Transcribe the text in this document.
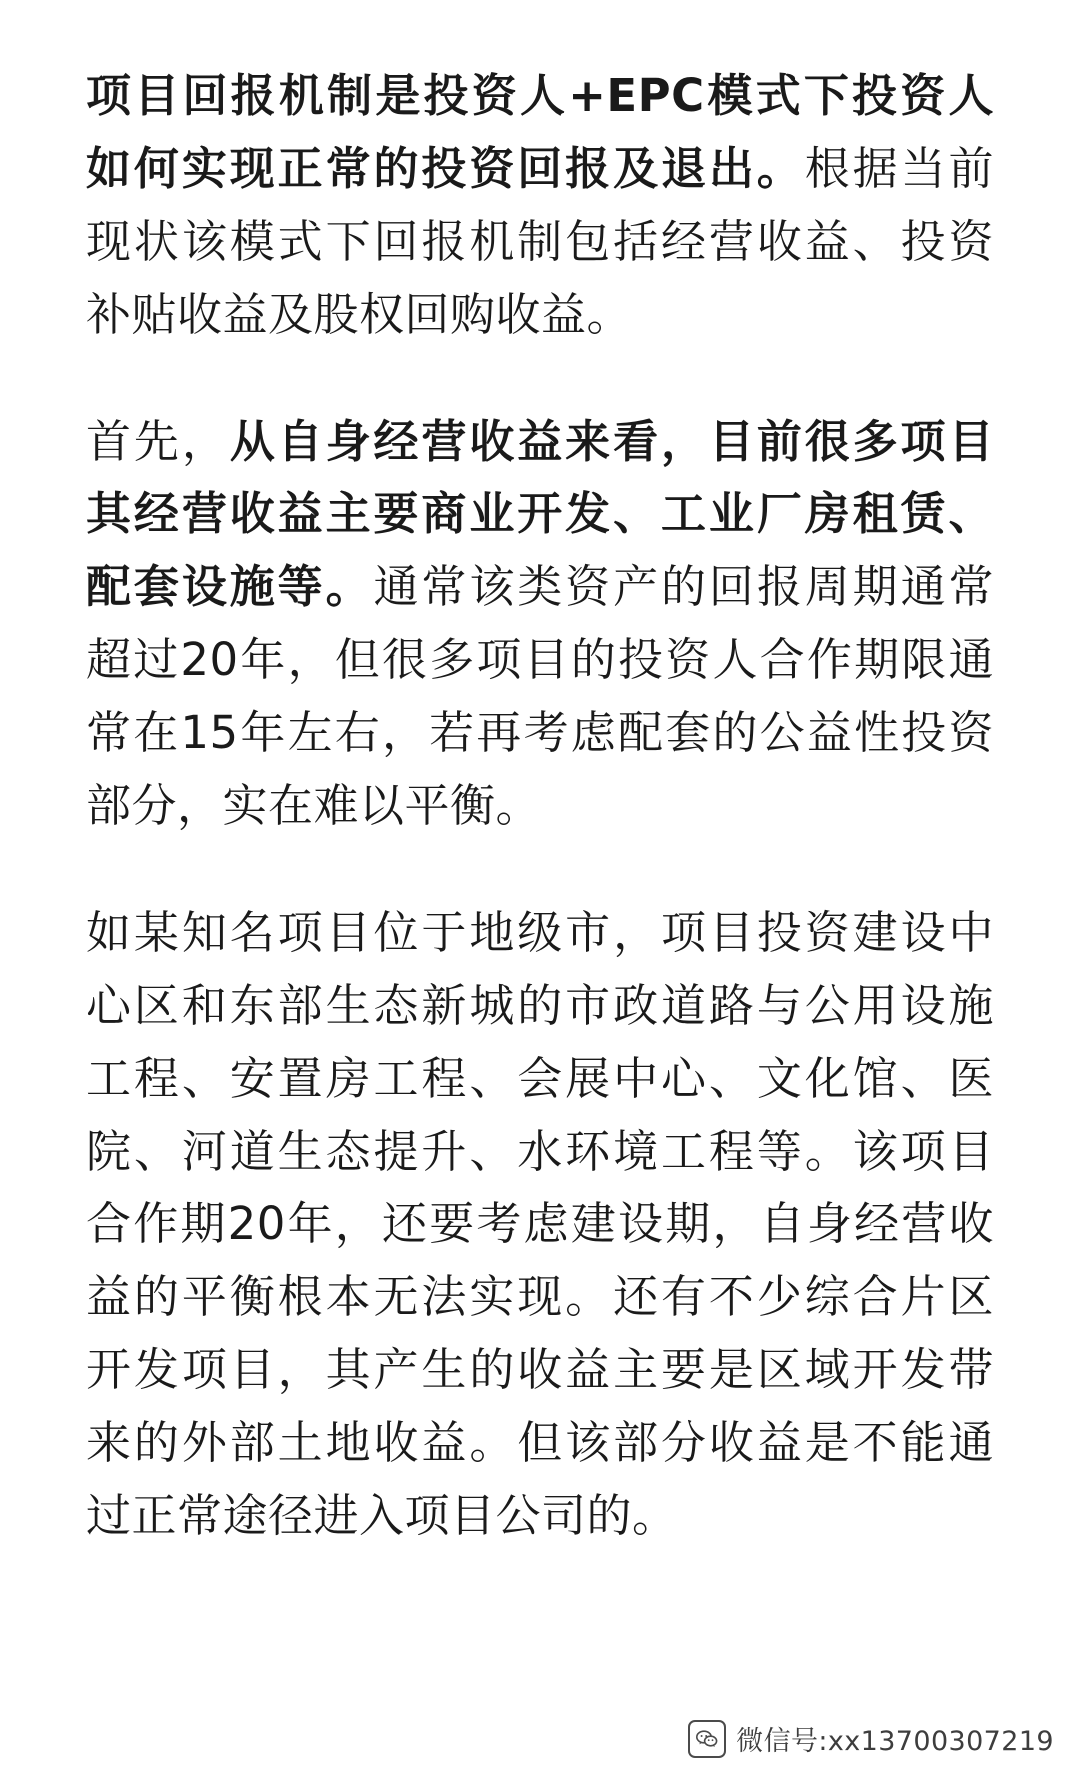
项目回报机制是投资人+EPC模式下投资人如何实现正常的投资回报及退出。根据当前现状该模式下回报机制包括经营收益、投资补贴收益及股权回购收益。

首先，从自身经营收益来看，目前很多项目其经营收益主要商业开发、工业厂房租赁、配套设施等。通常该类资产的回报周期通常超过20年，但很多项目的投资人合作期限通常在15年左右，若再考虑配套的公益性投资部分，实在难以平衡。

如某知名项目位于地级市，项目投资建设中心区和东部生态新城的市政道路与公用设施工程、安置房工程、会展中心、文化馆、医院、河道生态提升、水环境工程等。该项目合作期20年，还要考虑建设期，自身经营收益的平衡根本无法实现。还有不少综合片区开发项目，其产生的收益主要是区域开发带来的外部土地收益。但该部分收益是不能通过正常途径进入项目公司的。

微信号:xx13700307219
